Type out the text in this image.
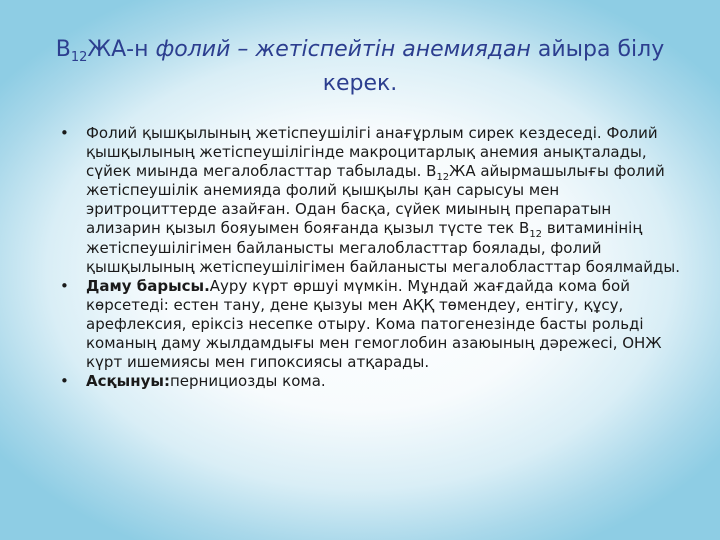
$B_{12}ЖА-н$ фолий – жетіспейтін анемиядан айыра білу керек.
• Фолий қышқылының жетіспеушілігі анағұрлым сирек кездеседі. Фолий қышқылының жетіспеушілігінде макроцитарлық анемия анықталады, сүйек миында мегалобласттар табылады. $B_{12}ЖА$ айырмашылығы фолий жетіспеушілік анемияда фолий қышқылы қан сарысуы мен эритроциттерде азайған. Одан басқа, сүйек миының препаратын ализарин қызыл бояуымен бояғанда қызыл түсте тек $B_{12}$ витаминінің жетіспеушілігімен байланысты мегалобласттар боялады, фолий қышқылының жетіспеушілігімен байланысты мегалобласттар боялмайды.
• Даму барысы.Ауру күрт өршуі мүмкін. Мұндай жағдайда кома бой көрсетеді: естен тану, дене қызуы мен АҚҚ төмендеу, ентігу, құсу, арефлексия, еріксіз несепке отыру. Кома патогенезінде басты рольді команың даму жылдамдығы мен гемоглобин азаюының дәрежесі, ОНЖ күрт ишемиясы мен гипоксиясы атқарады.
• Асқынуы:пернициозды кома.
